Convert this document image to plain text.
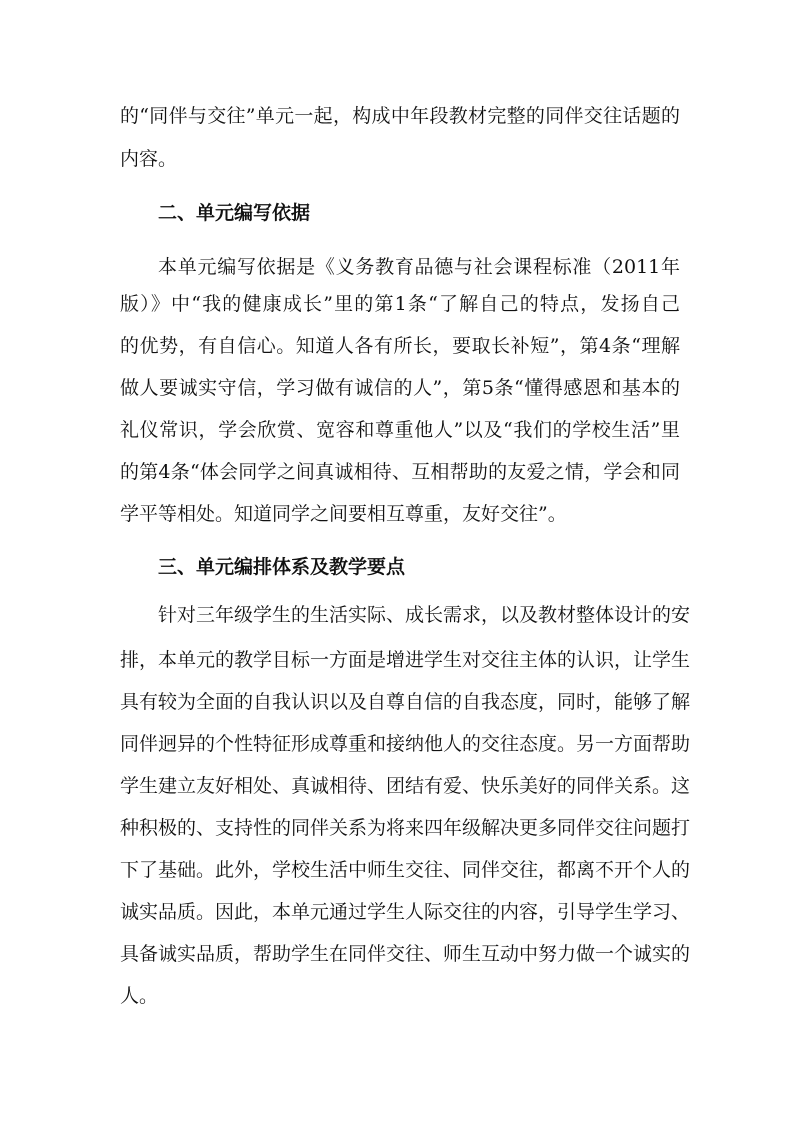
的“同伴与交往”单元一起，构成中年段教材完整的同伴交往话题的

内容。

二、单元编写依据

本单元编写依据是《义务教育品德与社会课程标准（2011年

版）》中“我的健康成长”里的第1条“了解自己的特点，发扬自己

的优势，有自信心。知道人各有所长，要取长补短”，第4条“理解

做人要诚实守信，学习做有诚信的人”，第5条“懂得感恩和基本的

礼仪常识，学会欣赏、宽容和尊重他人”以及“我们的学校生活”里

的第4条“体会同学之间真诚相待、互相帮助的友爱之情，学会和同

学平等相处。知道同学之间要相互尊重，友好交往”。

三、单元编排体系及教学要点

针对三年级学生的生活实际、成长需求，以及教材整体设计的安

排，本单元的教学目标一方面是增进学生对交往主体的认识，让学生

具有较为全面的自我认识以及自尊自信的自我态度，同时，能够了解

同伴迥异的个性特征形成尊重和接纳他人的交往态度。另一方面帮助

学生建立友好相处、真诚相待、团结有爱、快乐美好的同伴关系。这

种积极的、支持性的同伴关系为将来四年级解决更多同伴交往问题打

下了基础。此外，学校生活中师生交往、同伴交往，都离不开个人的

诚实品质。因此，本单元通过学生人际交往的内容，引导学生学习、

具备诚实品质，帮助学生在同伴交往、师生互动中努力做一个诚实的

人。
